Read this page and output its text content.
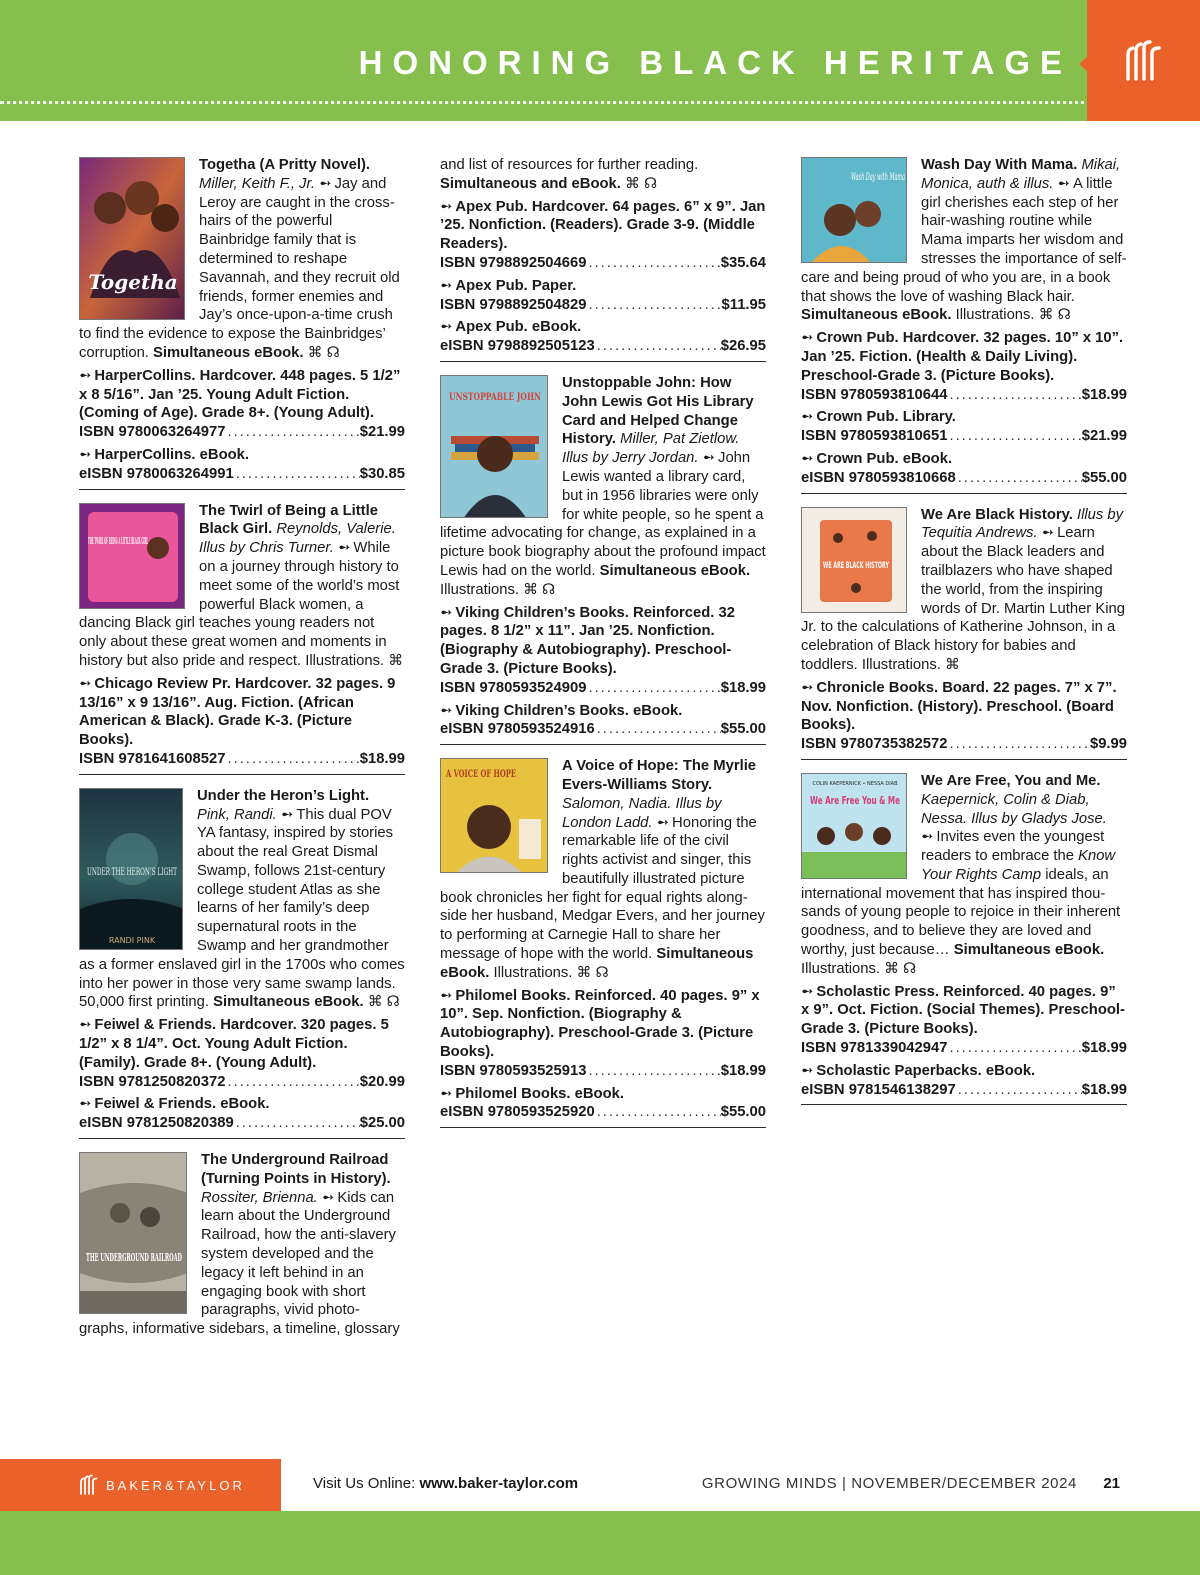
HONORING BLACK HERITAGE
Togetha
Togetha (A Pritty Novel). Miller, Keith F., Jr. ➻ Jay and Leroy are caught in the cross-hairs of the powerful Bainbridge family that is determined to reshape Savannah, and they recruit old friends, former enemies and Jay’s once-upon-a-time crush to find the evidence to expose the Bainbridges’ corruption. Simultaneous eBook. ⌘ ☊
➻ HarperCollins. Hardcover. 448 pages. 5 1/2” x 8 5/16”. Jan ’25. Young Adult Fiction. (Coming of Age). Grade 8+. (Young Adult).
ISBN 9780063264977 .....	$21.99
➻ HarperCollins. eBook.
eISBN 9780063264991 .....	$30.85
THE TWIRL OF BEING A LITTLE BLACK GIRL
The Twirl of Being a Little Black Girl. Reynolds, Valerie. Illus by Chris Turner. ➻ While on a journey through history to meet some of the world’s most powerful Black women, a dancing Black girl teaches young readers not only about these great women and moments in history but also pride and respect. Illustrations. ⌘
➻ Chicago Review Pr. Hardcover. 32 pages. 9 13/16” x 9 13/16”. Aug. Fiction. (African American & Black). Grade K-3. (Picture Books).
ISBN 9781641608527 .....	$18.99
UNDER THE HERON’S LIGHT
RANDI PINK
Under the Heron’s Light. Pink, Randi. ➻ This dual POV YA fantasy, inspired by stories about the real Great Dismal Swamp, follows 21st-century college student Atlas as she learns of her family’s deep supernatural roots in the Swamp and her grandmother as a former enslaved girl in the 1700s who comes into her power in those very same swamp lands. 50,000 first printing. Simultaneous eBook. ⌘ ☊
➻ Feiwel & Friends. Hardcover. 320 pages. 5 1/2” x 8 1/4”. Oct. Young Adult Fiction. (Family). Grade 8+. (Young Adult).
ISBN 9781250820372 .....	$20.99
➻ Feiwel & Friends. eBook.
eISBN 9781250820389 .....	$25.00
THE UNDERGROUND RAILROAD
The Underground Railroad (Turning Points in History). Rossiter, Brienna. ➻ Kids can learn about the Underground Railroad, how the anti-slavery system developed and the legacy it left behind in an engaging book with short paragraphs, vivid photo-graphs, informative sidebars, a timeline, glossary
and list of resources for further reading. Simultaneous and eBook. ⌘ ☊
➻ Apex Pub. Hardcover. 64 pages. 6” x 9”. Jan ’25. Nonfiction. (Readers). Grade 3-9. (Middle Readers).
ISBN 9798892504669 .....	$35.64
➻ Apex Pub. Paper.
ISBN 9798892504829 .....	$11.95
➻ Apex Pub. eBook.
eISBN 9798892505123 .....	$26.95
UNSTOPPABLE JOHN
Unstoppable John: How John Lewis Got His Library Card and Helped Change History. Miller, Pat Zietlow. Illus by Jerry Jordan. ➻ John Lewis wanted a library card, but in 1956 libraries were only for white people, so he spent a lifetime advocating for change, as explained in a picture book biography about the profound impact Lewis had on the world. Simultaneous eBook. Illustrations. ⌘ ☊
➻ Viking Children’s Books. Reinforced. 32 pages. 8 1/2” x 11”. Jan ’25. Nonfiction. (Biography & Autobiography). Preschool-Grade 3. (Picture Books).
ISBN 9780593524909 .....	$18.99
➻ Viking Children’s Books. eBook.
eISBN 9780593524916 .....	$55.00
A VOICE OF HOPE
A Voice of Hope: The Myrlie Evers-Williams Story. Salomon, Nadia. Illus by London Ladd. ➻ Honoring the remarkable life of the civil rights activist and singer, this beautifully illustrated picture book chronicles her fight for equal rights along-side her husband, Medgar Evers, and her journey to performing at Carnegie Hall to share her message of hope with the world. Simultaneous eBook. Illustrations. ⌘ ☊
➻ Philomel Books. Reinforced. 40 pages. 9” x 10”. Sep. Nonfiction. (Biography & Autobiography). Preschool-Grade 3. (Picture Books).
ISBN 9780593525913 .....	$18.99
➻ Philomel Books. eBook.
eISBN 9780593525920 .....	$55.00
Wash Day with Mama
Wash Day With Mama. Mikai, Monica, auth & illus. ➻ A little girl cherishes each step of her hair-washing routine while Mama imparts her wisdom and stresses the importance of self-care and being proud of who you are, in a book that shows the love of washing Black hair. Simultaneous eBook. Illustrations. ⌘ ☊
➻ Crown Pub. Hardcover. 32 pages. 10” x 10”. Jan ’25. Fiction. (Health & Daily Living). Preschool-Grade 3. (Picture Books).
ISBN 9780593810644 .....	$18.99
➻ Crown Pub. Library.
ISBN 9780593810651 .....	$21.99
➻ Crown Pub. eBook.
eISBN 9780593810668 .....	$55.00
WE ARE BLACK HISTORY
We Are Black History. Illus by Tequitia Andrews. ➻ Learn about the Black leaders and trailblazers who have shaped the world, from the inspiring words of Dr. Martin Luther King Jr. to the calculations of Katherine Johnson, in a celebration of Black history for babies and toddlers. Illustrations. ⌘
➻ Chronicle Books. Board. 22 pages. 7” x 7”. Nov. Nonfiction. (History). Preschool. (Board Books).
ISBN 9780735382572 .....	$9.99
COLIN KAEPERNICK • NESSA DIAB
We Are Free You & Me
We Are Free, You and Me. Kaepernick, Colin & Diab, Nessa. Illus by Gladys Jose. ➻ Invites even the youngest readers to embrace the Know Your Rights Camp ideals, an international movement that has inspired thou-sands of young people to rejoice in their inherent goodness, and to believe they are loved and worthy, just because… Simultaneous eBook. Illustrations. ⌘ ☊
➻ Scholastic Press. Reinforced. 40 pages. 9” x 9”. Oct. Fiction. (Social Themes). Preschool-Grade 3. (Picture Books).
ISBN 9781339042947 .....	$18.99
➻ Scholastic Paperbacks. eBook.
eISBN 9781546138297 .....	$18.99
BAKER&TAYLOR	Visit Us Online: www.baker-taylor.com	GROWING MINDS | NOVEMBER/DECEMBER 2024 21
